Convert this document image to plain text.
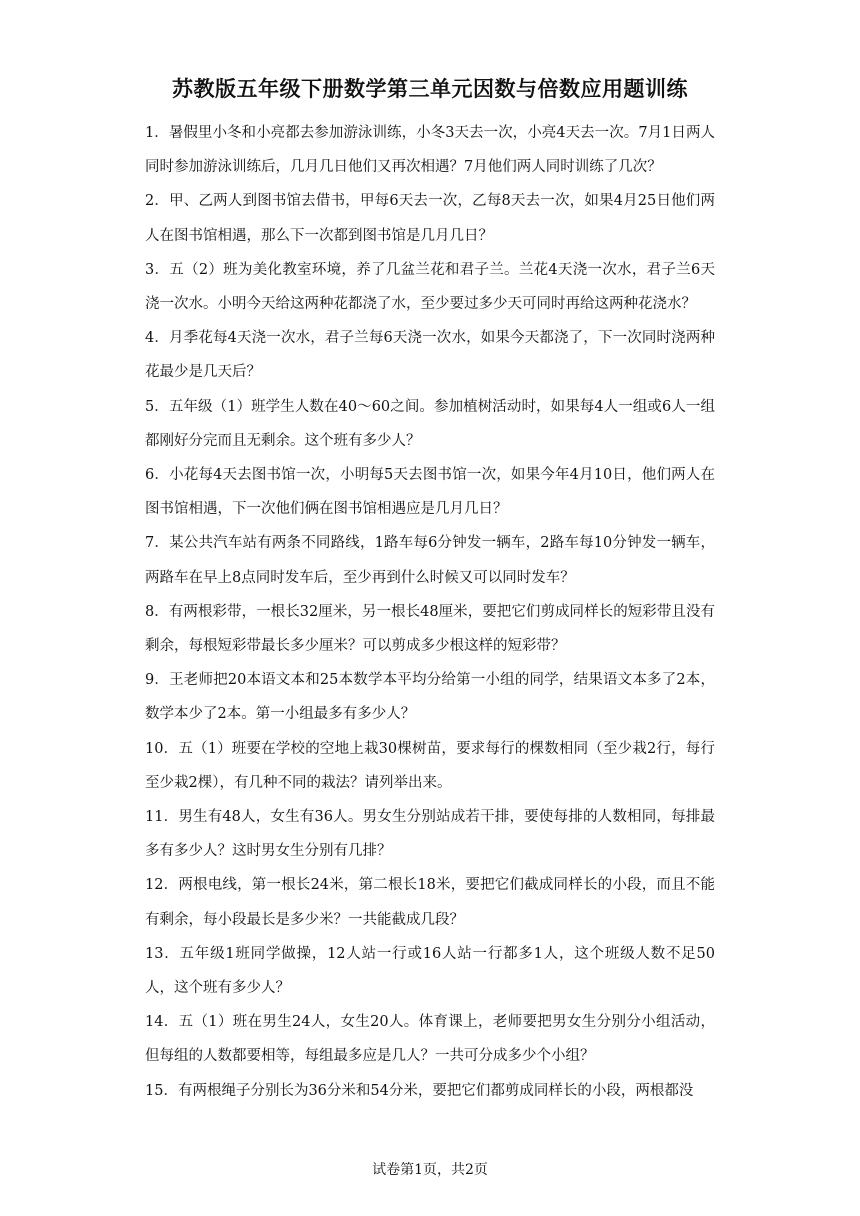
苏教版五年级下册数学第三单元因数与倍数应用题训练
1．暑假里小冬和小亮都去参加游泳训练，小冬3天去一次，小亮4天去一次。7月1日两人同时参加游泳训练后，几月几日他们又再次相遇？7月他们两人同时训练了几次？
2．甲、乙两人到图书馆去借书，甲每6天去一次，乙每8天去一次，如果4月25日他们两人在图书馆相遇，那么下一次都到图书馆是几月几日？
3．五（2）班为美化教室环境，养了几盆兰花和君子兰。兰花4天浇一次水，君子兰6天浇一次水。小明今天给这两种花都浇了水，至少要过多少天可同时再给这两种花浇水？
4．月季花每4天浇一次水，君子兰每6天浇一次水，如果今天都浇了，下一次同时浇两种花最少是几天后？
5．五年级（1）班学生人数在40～60之间。参加植树活动时，如果每4人一组或6人一组都刚好分完而且无剩余。这个班有多少人？
6．小花每4天去图书馆一次，小明每5天去图书馆一次，如果今年4月10日，他们两人在图书馆相遇，下一次他们俩在图书馆相遇应是几月几日？
7．某公共汽车站有两条不同路线，1路车每6分钟发一辆车，2路车每10分钟发一辆车，两路车在早上8点同时发车后，至少再到什么时候又可以同时发车？
8．有两根彩带，一根长32厘米，另一根长48厘米，要把它们剪成同样长的短彩带且没有剩余，每根短彩带最长多少厘米？可以剪成多少根这样的短彩带？
9．王老师把20本语文本和25本数学本平均分给第一小组的同学，结果语文本多了2本，数学本少了2本。第一小组最多有多少人？
10．五（1）班要在学校的空地上栽30棵树苗，要求每行的棵数相同（至少栽2行，每行至少栽2棵），有几种不同的栽法？请列举出来。
11．男生有48人，女生有36人。男女生分别站成若干排，要使每排的人数相同，每排最多有多少人？这时男女生分别有几排？
12．两根电线，第一根长24米，第二根长18米，要把它们截成同样长的小段，而且不能有剩余，每小段最长是多少米？一共能截成几段？
13．五年级1班同学做操，12人站一行或16人站一行都多1人，这个班级人数不足50人，这个班有多少人？
14．五（1）班在男生24人，女生20人。体育课上，老师要把男女生分别分小组活动，但每组的人数都要相等，每组最多应是几人？一共可分成多少个小组？
15．有两根绳子分别长为36分米和54分米，要把它们都剪成同样长的小段，两根都没
试卷第1页，共2页
